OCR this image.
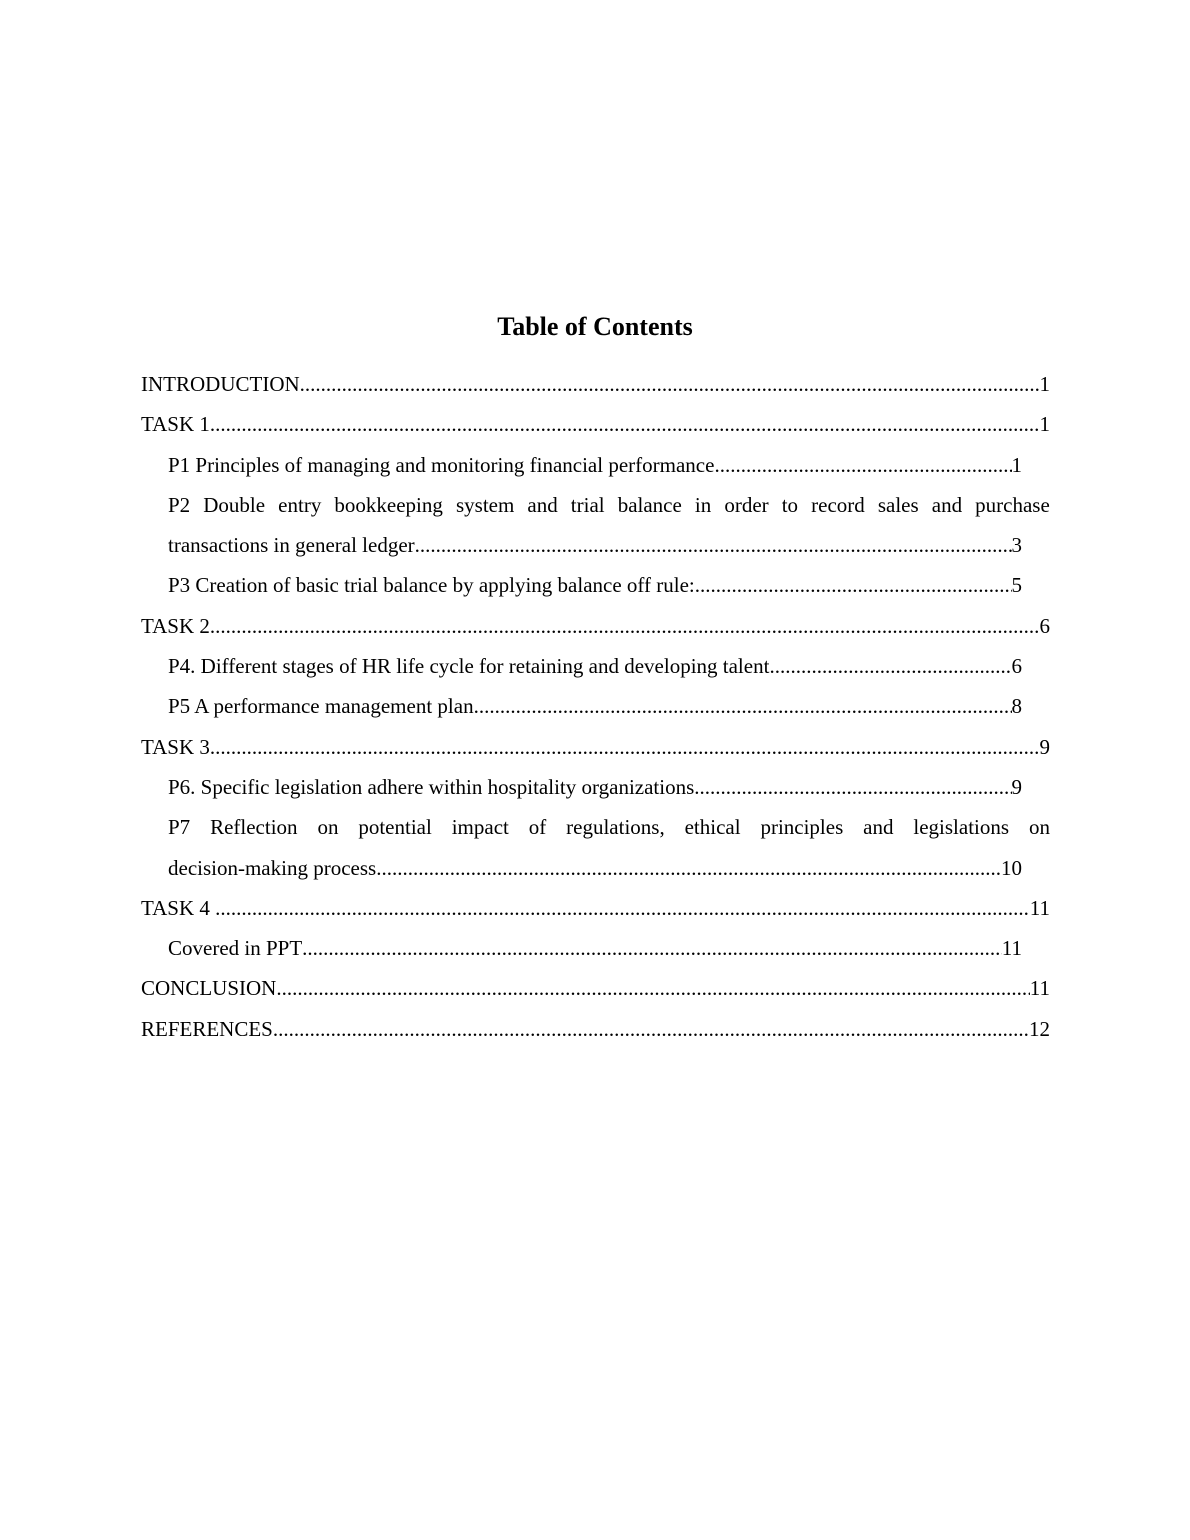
Table of Contents
INTRODUCTION .....	1
TASK 1 .....	1
P1 Principles of managing and monitoring financial performance .....	1
P2 Double entry bookkeeping system and trial balance in order to record sales and purchase
transactions in general ledger .....	3
P3 Creation of basic trial balance by applying balance off rule: .....	5
TASK 2 .....	6
P4. Different stages of HR life cycle for retaining and developing talent .....	6
P5 A performance management plan .....	8
TASK 3 .....	9
P6. Specific legislation adhere within hospitality organizations .....	9
P7 Reflection on potential impact of regulations, ethical principles and legislations on
decision-making process .....	10
TASK 4 .....	11
Covered in PPT .....	11
CONCLUSION .....	11
REFERENCES .....	12
